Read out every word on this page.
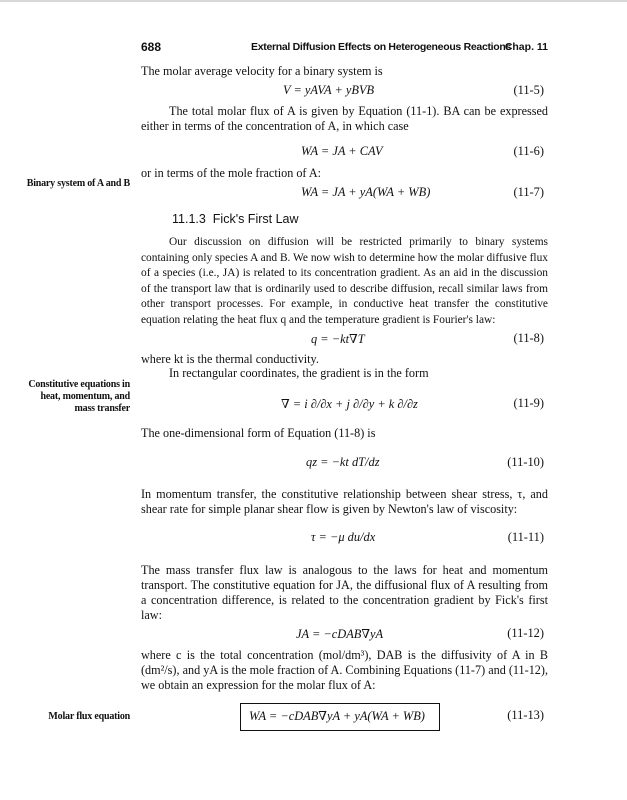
688	External Diffusion Effects on Heterogeneous Reactions
Chap. 11
The molar average velocity for a binary system is
V = yAVA + yBVB	(11-5)
The total molar flux of A is given by Equation (11-1). BA can be expressed either in terms of the concentration of A, in which case
WA = JA + CAV	(11-6)
or in terms of the mole fraction of A:
Binary system of A and B
WA = JA + yA(WA + WB)	(11-7)
11.1.3 Fick's First Law
Our discussion on diffusion will be restricted primarily to binary systems containing only species A and B. We now wish to determine how the molar diffusive flux of a species (i.e., JA) is related to its concentration gradient. As an aid in the discussion of the transport law that is ordinarily used to describe diffusion, recall similar laws from other transport processes. For example, in conductive heat transfer the constitutive equation relating the heat flux q and the temperature gradient is Fourier's law:
q = −kt∇T	(11-8)
where kt is the thermal conductivity.
In rectangular coordinates, the gradient is in the form
Constitutive equations in heat, momentum, and mass transfer	∇ = i ∂/∂x + j ∂/∂y + k ∂/∂z	(11-9)
The one-dimensional form of Equation (11-8) is
qz = −kt dT/dz	(11-10)
In momentum transfer, the constitutive relationship between shear stress, τ, and shear rate for simple planar shear flow is given by Newton's law of viscosity:
τ = −μ du/dx	(11-11)
The mass transfer flux law is analogous to the laws for heat and momentum transport. The constitutive equation for JA, the diffusional flux of A resulting from a concentration difference, is related to the concentration gradient by Fick's first law:
JA = −cDAB∇yA	(11-12)
where c is the total concentration (mol/dm³), DAB is the diffusivity of A in B (dm²/s), and yA is the mole fraction of A. Combining Equations (11-7) and (11-12), we obtain an expression for the molar flux of A:
Molar flux equation	WA = −cDAB∇yA + yA(WA + WB)	(11-13)
